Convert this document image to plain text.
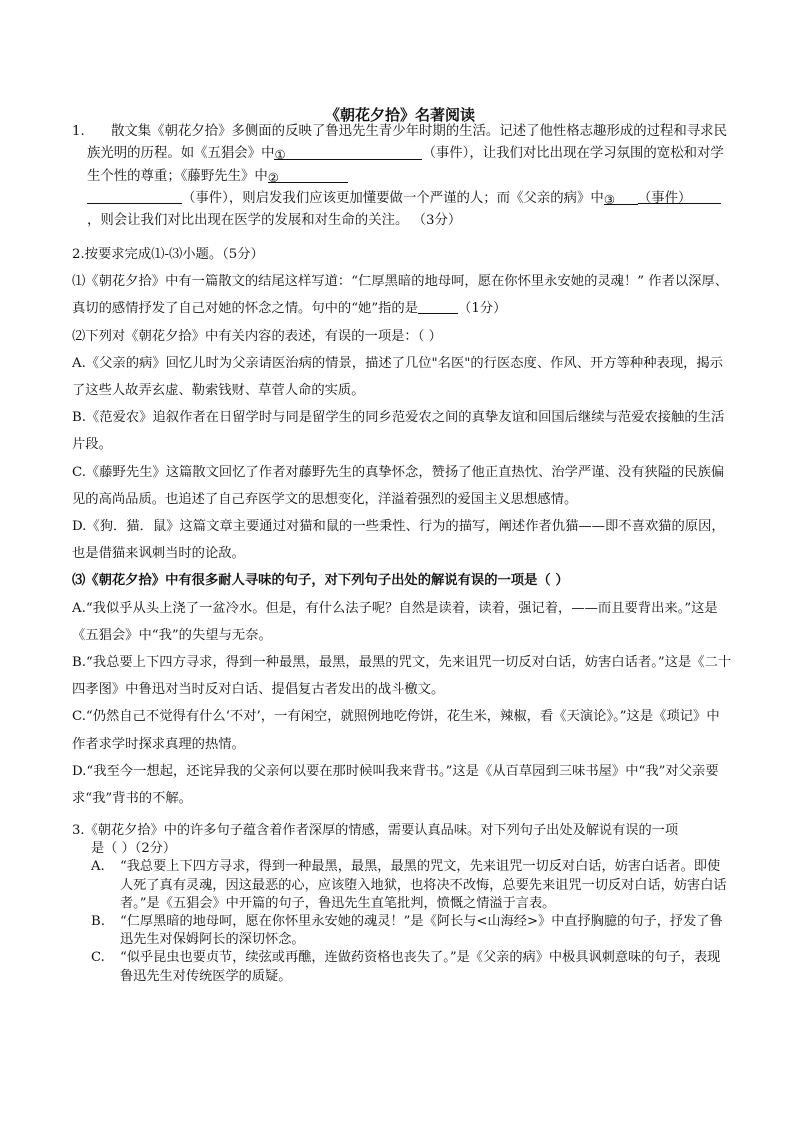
《朝花夕拾》名著阅读
1.	散文集《朝花夕拾》多侧面的反映了鲁迅先生青少年时期的生活。记述了他性格志趣形成的过程和寻求民族光明的历程。如《五猖会》中①	（事件），让我们对比出现在学习氛围的宽松和对学生个性的尊重；《藤野先生》中②
（事件），则启发我们应该更加懂要做一个严谨的人；而《父亲的病》中③ （事件）
，则会让我们对比出现在医学的发展和对生命的关注。 （3分）

2.按要求完成⑴-⑶小题。（5分）

⑴《朝花夕拾》中有一篇散文的结尾这样写道：“仁厚黑暗的地母呵，愿在你怀里永安她的灵魂！” 作者以深厚、真切的感情抒发了自己对她的怀念之情。句中的“她”指的是	（1分）

⑵下列对《朝花夕拾》中有关内容的表述，有误的一项是：（ ）

A.《父亲的病》回忆儿时为父亲请医治病的情景，描述了几位"名医"的行医态度、作风、开方等种种表现，揭示了这些人故弄玄虚、勒索钱财、草菅人命的实质。

B.《范爱农》追叙作者在日留学时与同是留学生的同乡范爱农之间的真挚友谊和回国后继续与范爱农接触的生活片段。

C.《藤野先生》这篇散文回忆了作者对藤野先生的真挚怀念，赞扬了他正直热忱、治学严谨、没有狭隘的民族偏见的高尚品质。也追述了自己弃医学文的思想变化，洋溢着强烈的爱国主义思想感情。

D.《狗．猫．鼠》这篇文章主要通过对猫和鼠的一些秉性、行为的描写，阐述作者仇猫——即不喜欢猫的原因，也是借猫来讽刺当时的论敌。

⑶《朝花夕拾》中有很多耐人寻味的句子，对下列句子出处的解说有误的一项是（ ）

A.“我似乎从头上浇了一盆冷水。但是，有什么法子呢？自然是读着，读着，强记着，——而且要背出来。”这是《五猖会》中“我”的失望与无奈。

B.“我总要上下四方寻求，得到一种最黑，最黑，最黑的咒文，先来诅咒一切反对白话，妨害白话者。”这是《二十四孝图》中鲁迅对当时反对白话、提倡复古者发出的战斗檄文。

C.“仍然自己不觉得有什么‘不对’，一有闲空，就照例地吃侉饼，花生米，辣椒，看《天演论》。”这是《琐记》中作者求学时探求真理的热情。

D.“我至今一想起，还诧异我的父亲何以要在那时候叫我来背书。”这是《从百草园到三味书屋》中“我”对父亲要求“我”背书的不解。

3.《朝花夕拾》中的许多句子蕴含着作者深厚的情感，需要认真品味。对下列句子出处及解说有误的一项

是（ ）（2分）

A. “我总要上下四方寻求，得到一种最黑，最黑，最黑的咒文，先来诅咒一切反对白话，妨害白话者。即使人死了真有灵魂，因这最恶的心，应该堕入地狱，也将决不改悔，总要先来诅咒一切反对白话，妨害白话者。”是《五猖会》中开篇的句子，鲁迅先生直笔批判，愤慨之情溢于言表。
B. “仁厚黑暗的地母呵，愿在你怀里永安她的魂灵！”是《阿长与<山海经>》中直抒胸臆的句子，抒发了鲁迅先生对保姆阿长的深切怀念。
C. “似乎昆虫也要贞节，续弦或再醮，连做药资格也丧失了。”是《父亲的病》中极具讽刺意味的句子，表现鲁迅先生对传统医学的质疑。
